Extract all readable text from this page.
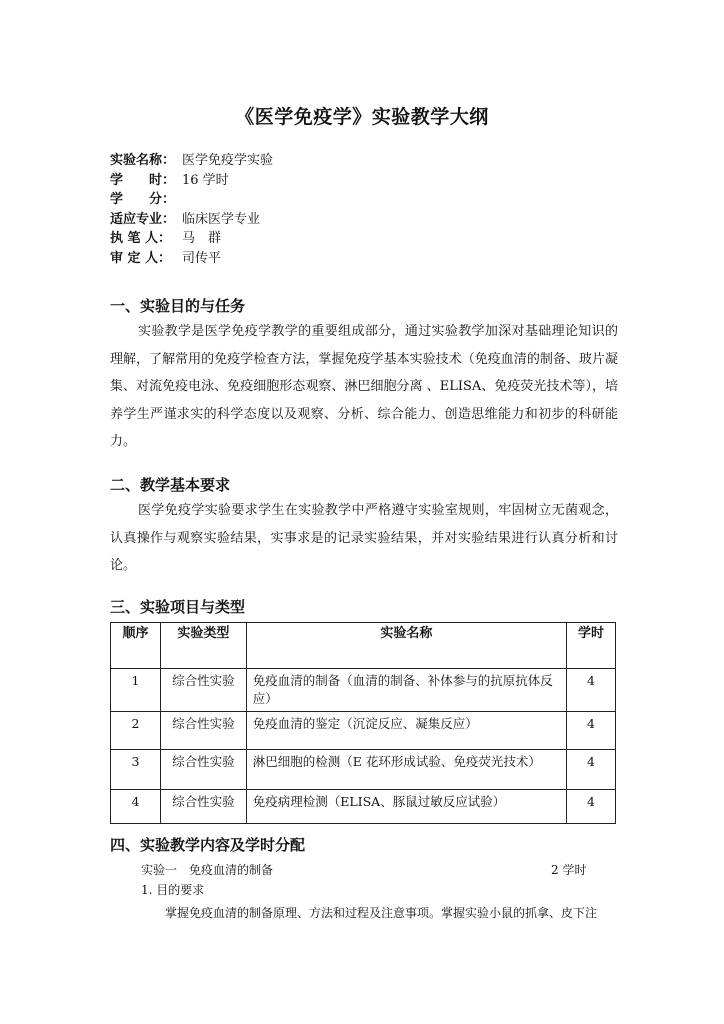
《医学免疫学》实验教学大纲
实验名称： 医学免疫学实验
学　　时： 16 学时
学　　分：
适应专业： 临床医学专业
执 笔 人： 马　群
审 定 人： 司传平
一、实验目的与任务
实验教学是医学免疫学教学的重要组成部分，通过实验教学加深对基础理论知识的理解，了解常用的免疫学检查方法，掌握免疫学基本实验技术（免疫血清的制备、玻片凝集、对流免疫电泳、免疫细胞形态观察、淋巴细胞分离 、ELISA、免疫荧光技术等），培养学生严谨求实的科学态度以及观察、分析、综合能力、创造思维能力和初步的科研能力。
二、教学基本要求
医学免疫学实验要求学生在实验教学中严格遵守实验室规则，牢固树立无菌观念，认真操作与观察实验结果，实事求是的记录实验结果，并对实验结果进行认真分析和讨论。
三、实验项目与类型
顺序	实验类型	实验名称	学时
1	综合性实验	免疫血清的制备（血清的制备、补体参与的抗原抗体反应）	4
2	综合性实验	免疫血清的鉴定（沉淀反应、凝集反应）	4
3	综合性实验	淋巴细胞的检测（E 花环形成试验、免疫荧光技术）	4
4	综合性实验	免疫病理检测（ELISA、豚鼠过敏反应试验）	4
四、实验教学内容及学时分配
实验一　免疫血清的制备	2 学时
1. 目的要求
掌握免疫血清的制备原理、方法和过程及注意事项。掌握实验小鼠的抓拿、皮下注
